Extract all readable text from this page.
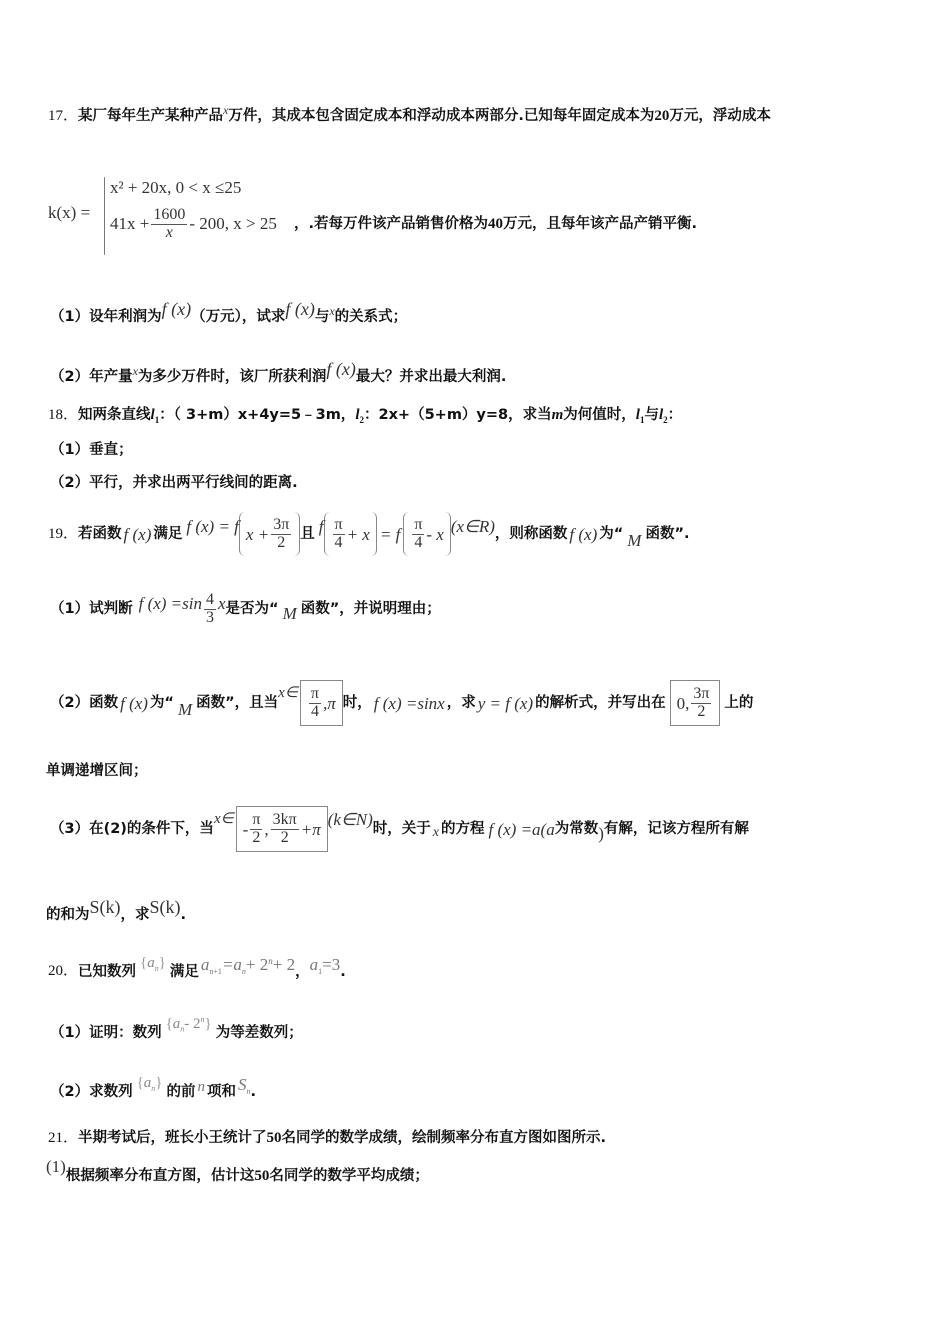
17．某厂每年生产某种产品$^x$万件，其成本包含固定成本和浮动成本两部分.已知每年固定成本为20万元，浮动成本
k(x) =
x² + 20x, 0 < x ≤25
$41x + \frac{1600}{x} - 200$, x > 25 ，.若每万件该产品销售价格为40万元，且每年该产品产销平衡.
（1）设年利润为$^{f (x)}$（万元），试求$^{f (x)}$与$^x$的关系式；
（2）年产量$^x$为多少万件时，该厂所获利润$^{f (x)}$最大？并求出最大利润.
18．知两条直线$l_1$：（ 3+m）x+4y=5﹣3m，$l_2$：2x+（5+m）y=8，求当m为何值时，$l_1$与$l_2$：
（1）垂直；
（2）平行，并求出两平行线间的距离.
19． 若函数 f (x) 满足 f (x) = f $x + \frac{3\pi}{2}$ 且 f $\frac{\pi}{4} + x = f \frac{\pi}{4} - x$ (x∈R) ，则称函数 f (x) 为“ M 函数”.
（1）试判断 f $(x) =\sin \frac{4}{3}$ x 是否为“ M 函数”，并说明理由；
（2）函数 f (x) 为“ M 函数”，且当
x∈ $\frac{\pi}{4} ,\pi$ 时， f (x) =sinx ，求 y = f (x) 的解析式，并写出在 0, $\frac{3\pi}{2}$ 上的
单调递增区间；
（3）在(2)的条件下，当
x∈
- $\frac{\pi}{2}$ , $\frac{3k\pi}{2} +\pi$
(k∈N)
时，关于 x 的方程 f (x) =a(a 为常数 ) 有解，记该方程所有解
的和为$^{S(k)}$，求$^{S(k)}$.
20． 已知数列
$\{a_n\}$
满足 $a_{n+1}=a_n+ 2^n+ 2$ ， $a_1=3$ .
（1）证明：数列
{$a_n-$ 2$^n$}
为等差数列；
（2）求数列
$\{a_n\}$
的前 n 项和 $S_n$ .
21．半期考试后，班长小王统计了50名同学的数学成绩，绘制频率分布直方图如图所示.
(1)根据频率分布直方图，估计这50名同学的数学平均成绩；
